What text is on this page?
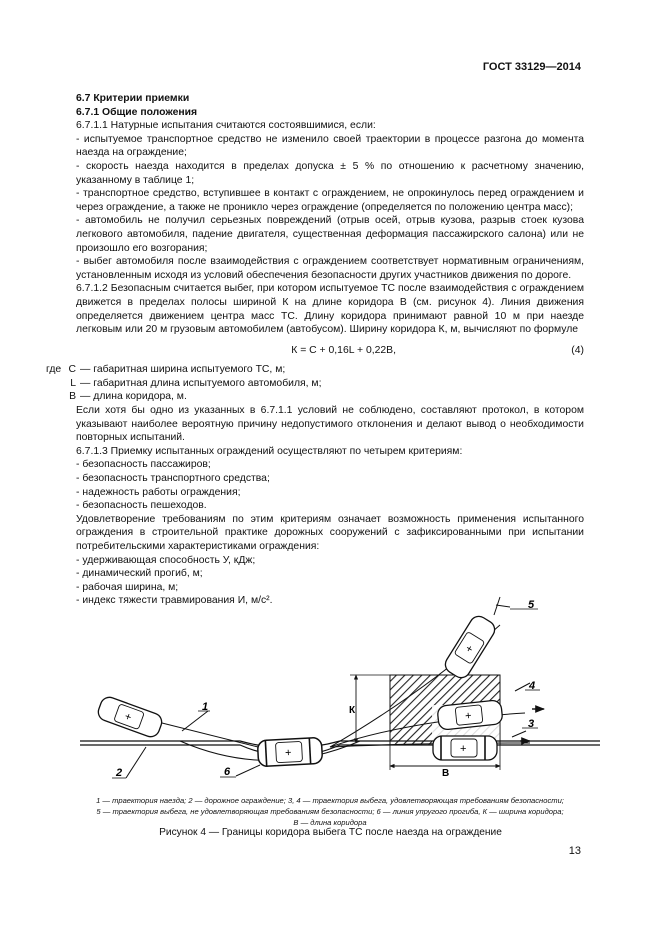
ГОСТ 33129—2014

6.7 Критерии приемки

6.7.1 Общие положения

6.7.1.1 Натурные испытания считаются состоявшимися, если:

- испытуемое транспортное средство не изменило своей траектории в процессе разгона до момента наезда на ограждение;

- скорость наезда находится в пределах допуска ± 5 % по отношению к расчетному значению, указанному в таблице 1;

- транспортное средство, вступившее в контакт с ограждением, не опрокинулось перед ограждением и через ограждение, а также не проникло через ограждение (определяется по положению центра масс);

- автомобиль не получил серьезных повреждений (отрыв осей, отрыв кузова, разрыв стоек кузова легкового автомобиля, падение двигателя, существенная деформация пассажирского салона) или не произошло его возгорания;

- выбег автомобиля после взаимодействия с ограждением соответствует нормативным ограничениям, установленным исходя из условий обеспечения безопасности других участников движения по дороге.

6.7.1.2 Безопасным считается выбег, при котором испытуемое ТС после взаимодействия с ограждением движется в пределах полосы шириной К на длине коридора В (см. рисунок 4). Линия движения определяется движением центра масс ТС. Длину коридора принимают равной 10 м при наезде легковым или 20 м грузовым автомобилем (автобусом). Ширину коридора К, м, вычисляют по формуле

К = С + 0,16L + 0,22В,	(4)
где С — габаритная ширина испытуемого ТС, м;
L — габаритная длина испытуемого автомобиля, м;
В — длина коридора, м.

Если хотя бы одно из указанных в 6.7.1.1 условий не соблюдено, составляют протокол, в котором указывают наиболее вероятную причину недопустимого отклонения и делают вывод о необходимости повторных испытаний.

6.7.1.3 Приемку испытанных ограждений осуществляют по четырем критериям:

- безопасность пассажиров;

- безопасность транспортного средства;

- надежность работы ограждения;

- безопасность пешеходов.

Удовлетворение требованиям по этим критериям означает возможность применения испытанного ограждения в строительной практике дорожных сооружений с зафиксированными при испытании потребительскими характеристиками ограждения:

- удерживающая способность У, кДж;

- динамический прогиб, м;

- рабочая ширина, м;

- индекс тяжести травмирования И, м/с².

К
В
+
+
+
+
+
5
4
3
1
2	6
1 — траектория наезда; 2 — дорожное ограждение; 3, 4 — траектория выбега, удовлетворяющая требованиям безопасности;
5 — траектория выбега, не удовлетворяющая требованиям безопасности; 6 — линия упругого прогиба, К — ширина коридора;
В — длина коридора
Рисунок 4 — Границы коридора выбега ТС после наезда на ограждение
13
